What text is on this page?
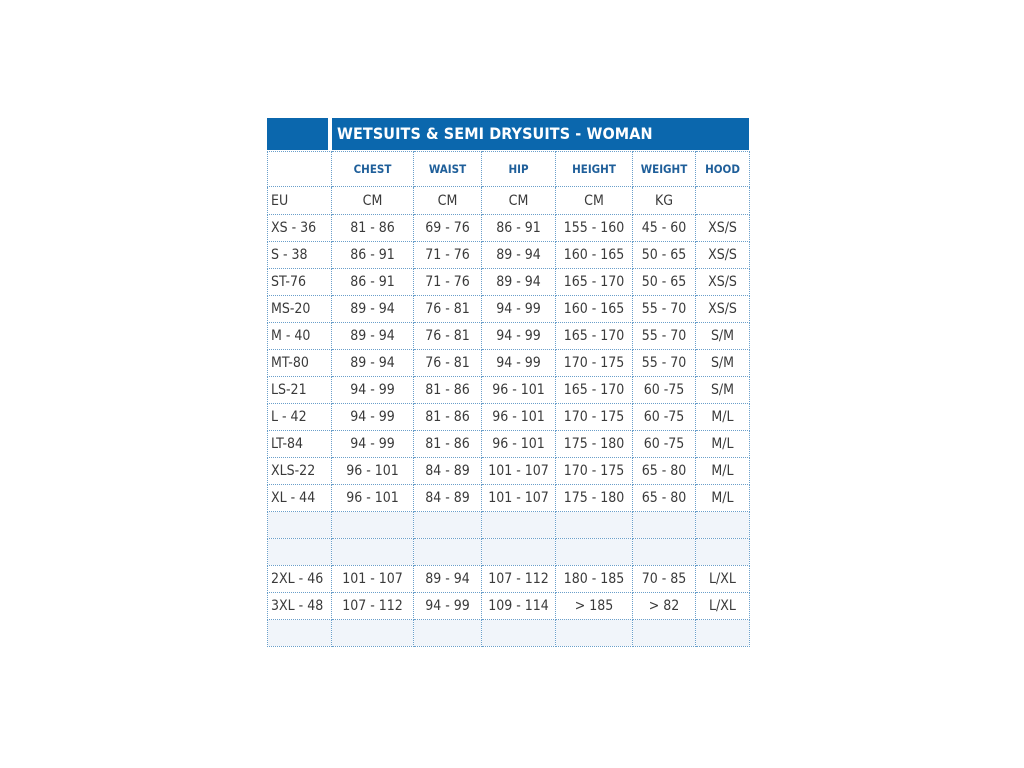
WETSUITS & SEMI DRYSUITS - WOMAN
	CHEST	WAIST	HIP	HEIGHT	WEIGHT	HOOD
EU	CM	CM	CM	CM	KG	
XS - 36	81 - 86	69 - 76	86 - 91	155 - 160	45 - 60	XS/S
S - 38	86 - 91	71 - 76	89 - 94	160 - 165	50 - 65	XS/S
ST-76	86 - 91	71 - 76	89 - 94	165 - 170	50 - 65	XS/S
MS-20	89 - 94	76 - 81	94 - 99	160 - 165	55 - 70	XS/S
M - 40	89 - 94	76 - 81	94 - 99	165 - 170	55 - 70	S/M
MT-80	89 - 94	76 - 81	94 - 99	170 - 175	55 - 70	S/M
LS-21	94 - 99	81 - 86	96 - 101	165 - 170	60 -75	S/M
L - 42	94 - 99	81 - 86	96 - 101	170 - 175	60 -75	M/L
LT-84	94 - 99	81 - 86	96 - 101	175 - 180	60 -75	M/L
XLS-22	96 - 101	84 - 89	101 - 107	170 - 175	65 - 80	M/L
XL - 44	96 - 101	84 - 89	101 - 107	175 - 180	65 - 80	M/L

2XL - 46	101 - 107	89 - 94	107 - 112	180 - 185	70 - 85	L/XL
3XL - 48	107 - 112	94 - 99	109 - 114	> 185	> 82	L/XL
